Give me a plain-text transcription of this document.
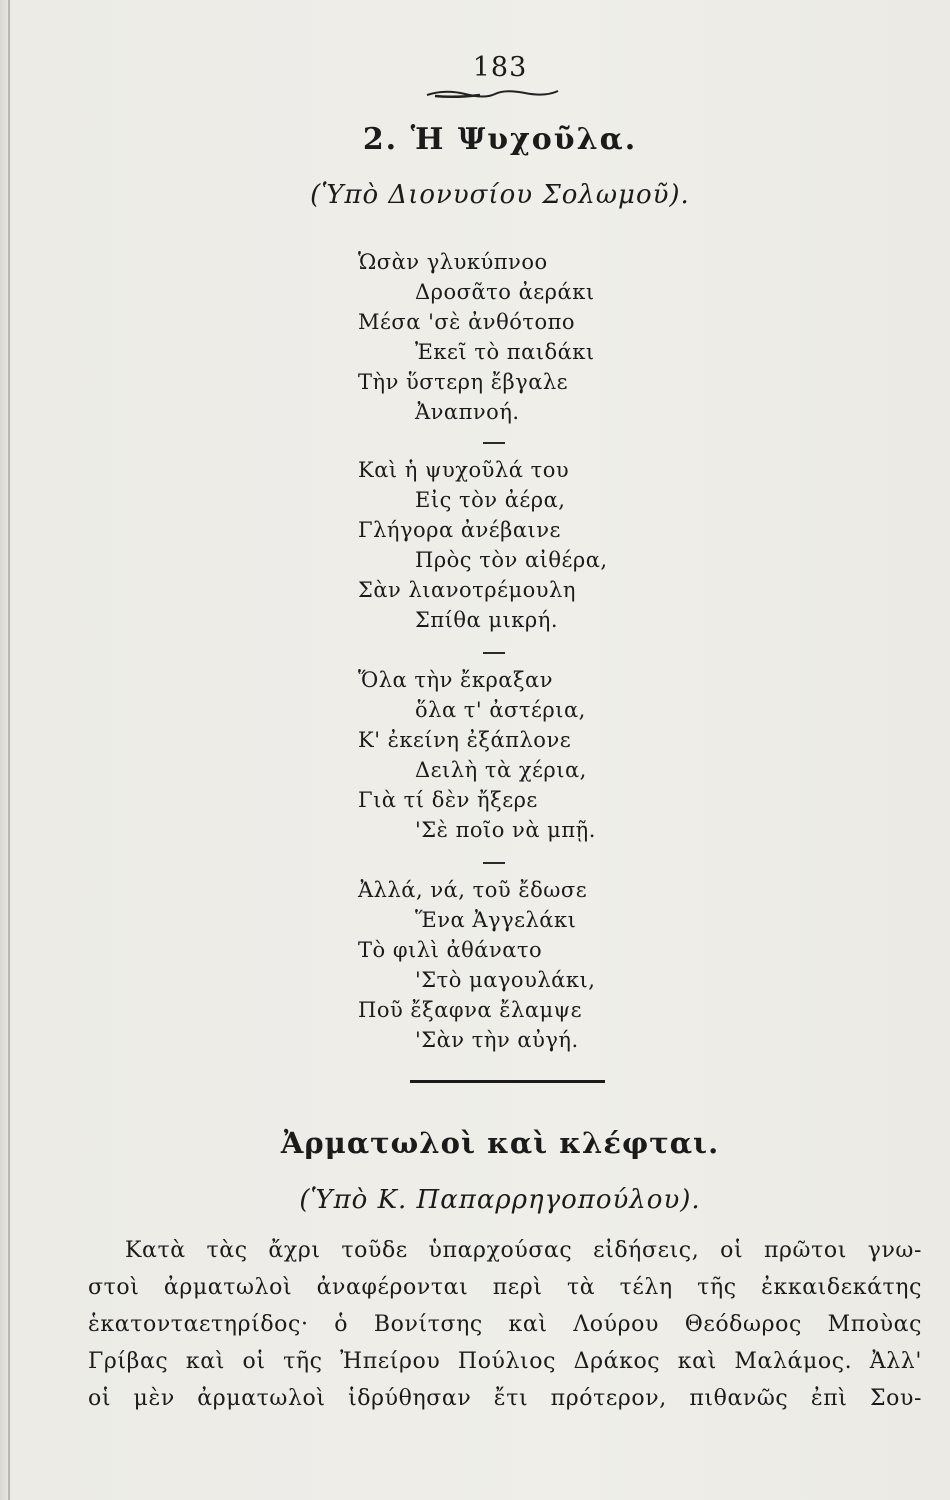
183
2. Ἡ Ψυχοῦλα.
(Ὑπὸ Διονυσίου Σολωμοῦ).
Ὡσὰν γλυκύπνοο
Δροσᾶτο ἀεράκι
Μέσα 'σὲ ἀνθότοπο
Ἐκεῖ τὸ παιδάκι
Τὴν ὕστερη ἔβγαλε
Ἀναπνοή.
Καὶ ἡ ψυχοῦλά του
Εἰς τὸν ἀέρα,
Γλήγορα ἀνέβαινε
Πρὸς τὸν αἰθέρα,
Σὰν λιανοτρέμουλη
Σπίθα μικρή.
Ὅλα τὴν ἔκραξαν
ὅλα τ' ἀστέρια,
Κ' ἐκείνη ἐξάπλονε
Δειλὴ τὰ χέρια,
Γιὰ τί δὲν ἤξερε
'Σὲ ποῖο νὰ μπῇ.
Ἀλλά, νά, τοῦ ἔδωσε
Ἕνα Ἀγγελάκι
Τὸ φιλὶ ἀθάνατο
'Στὸ μαγουλάκι,
Ποῦ ἔξαφνα ἔλαμψε
'Σὰν τὴν αὐγή.
Ἀρματωλοὶ καὶ κλέφται.
(Ὑπὸ Κ. Παπαρρηγοπούλου).
Κατὰ τὰς ἄχρι τοῦδε ὑπαρχούσας εἰδήσεις, οἱ πρῶτοι γνω-
στοὶ ἀρματωλοὶ ἀναφέρονται περὶ τὰ τέλη τῆς ἐκκαιδεκάτης
ἑκατονταετηρίδος· ὁ Βονίτσης καὶ Λούρου Θεόδωρος Μποὺας
Γρίβας καὶ οἱ τῆς Ἠπείρου Πούλιος Δράκος καὶ Μαλάμος. Ἀλλ'
οἱ μὲν ἀρματωλοὶ ἱδρύθησαν ἔτι πρότερον, πιθανῶς ἐπὶ Σου-
